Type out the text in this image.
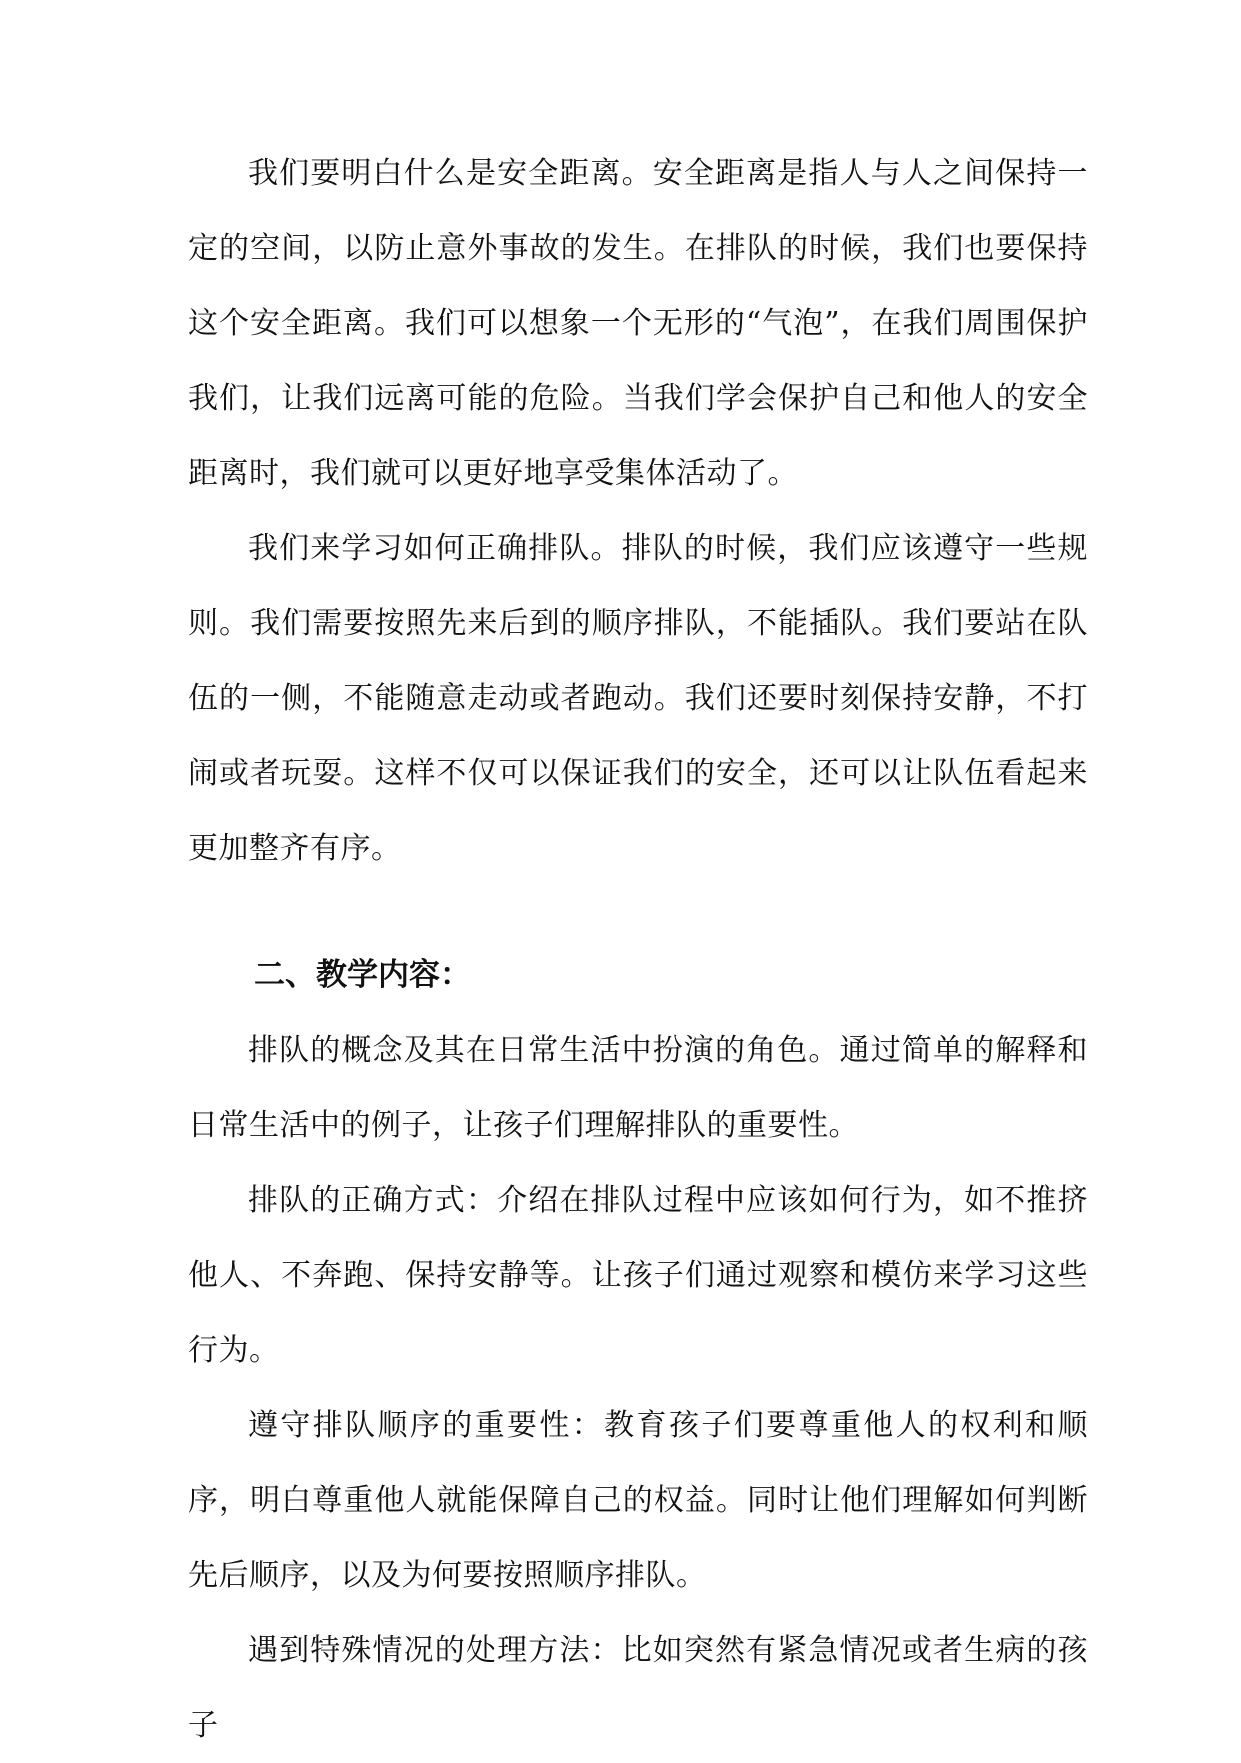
我们要明白什么是安全距离。安全距离是指人与人之间保持一定的空间，以防止意外事故的发生。在排队的时候，我们也要保持这个安全距离。我们可以想象一个无形的“气泡”，在我们周围保护我们，让我们远离可能的危险。当我们学会保护自己和他人的安全距离时，我们就可以更好地享受集体活动了。

我们来学习如何正确排队。排队的时候，我们应该遵守一些规则。我们需要按照先来后到的顺序排队，不能插队。我们要站在队伍的一侧，不能随意走动或者跑动。我们还要时刻保持安静，不打闹或者玩耍。这样不仅可以保证我们的安全，还可以让队伍看起来更加整齐有序。

二、教学内容：

排队的概念及其在日常生活中扮演的角色。通过简单的解释和日常生活中的例子，让孩子们理解排队的重要性。

排队的正确方式：介绍在排队过程中应该如何行为，如不推挤他人、不奔跑、保持安静等。让孩子们通过观察和模仿来学习这些行为。

遵守排队顺序的重要性：教育孩子们要尊重他人的权利和顺序，明白尊重他人就能保障自己的权益。同时让他们理解如何判断先后顺序，以及为何要按照顺序排队。

遇到特殊情况的处理方法：比如突然有紧急情况或者生病的孩子
